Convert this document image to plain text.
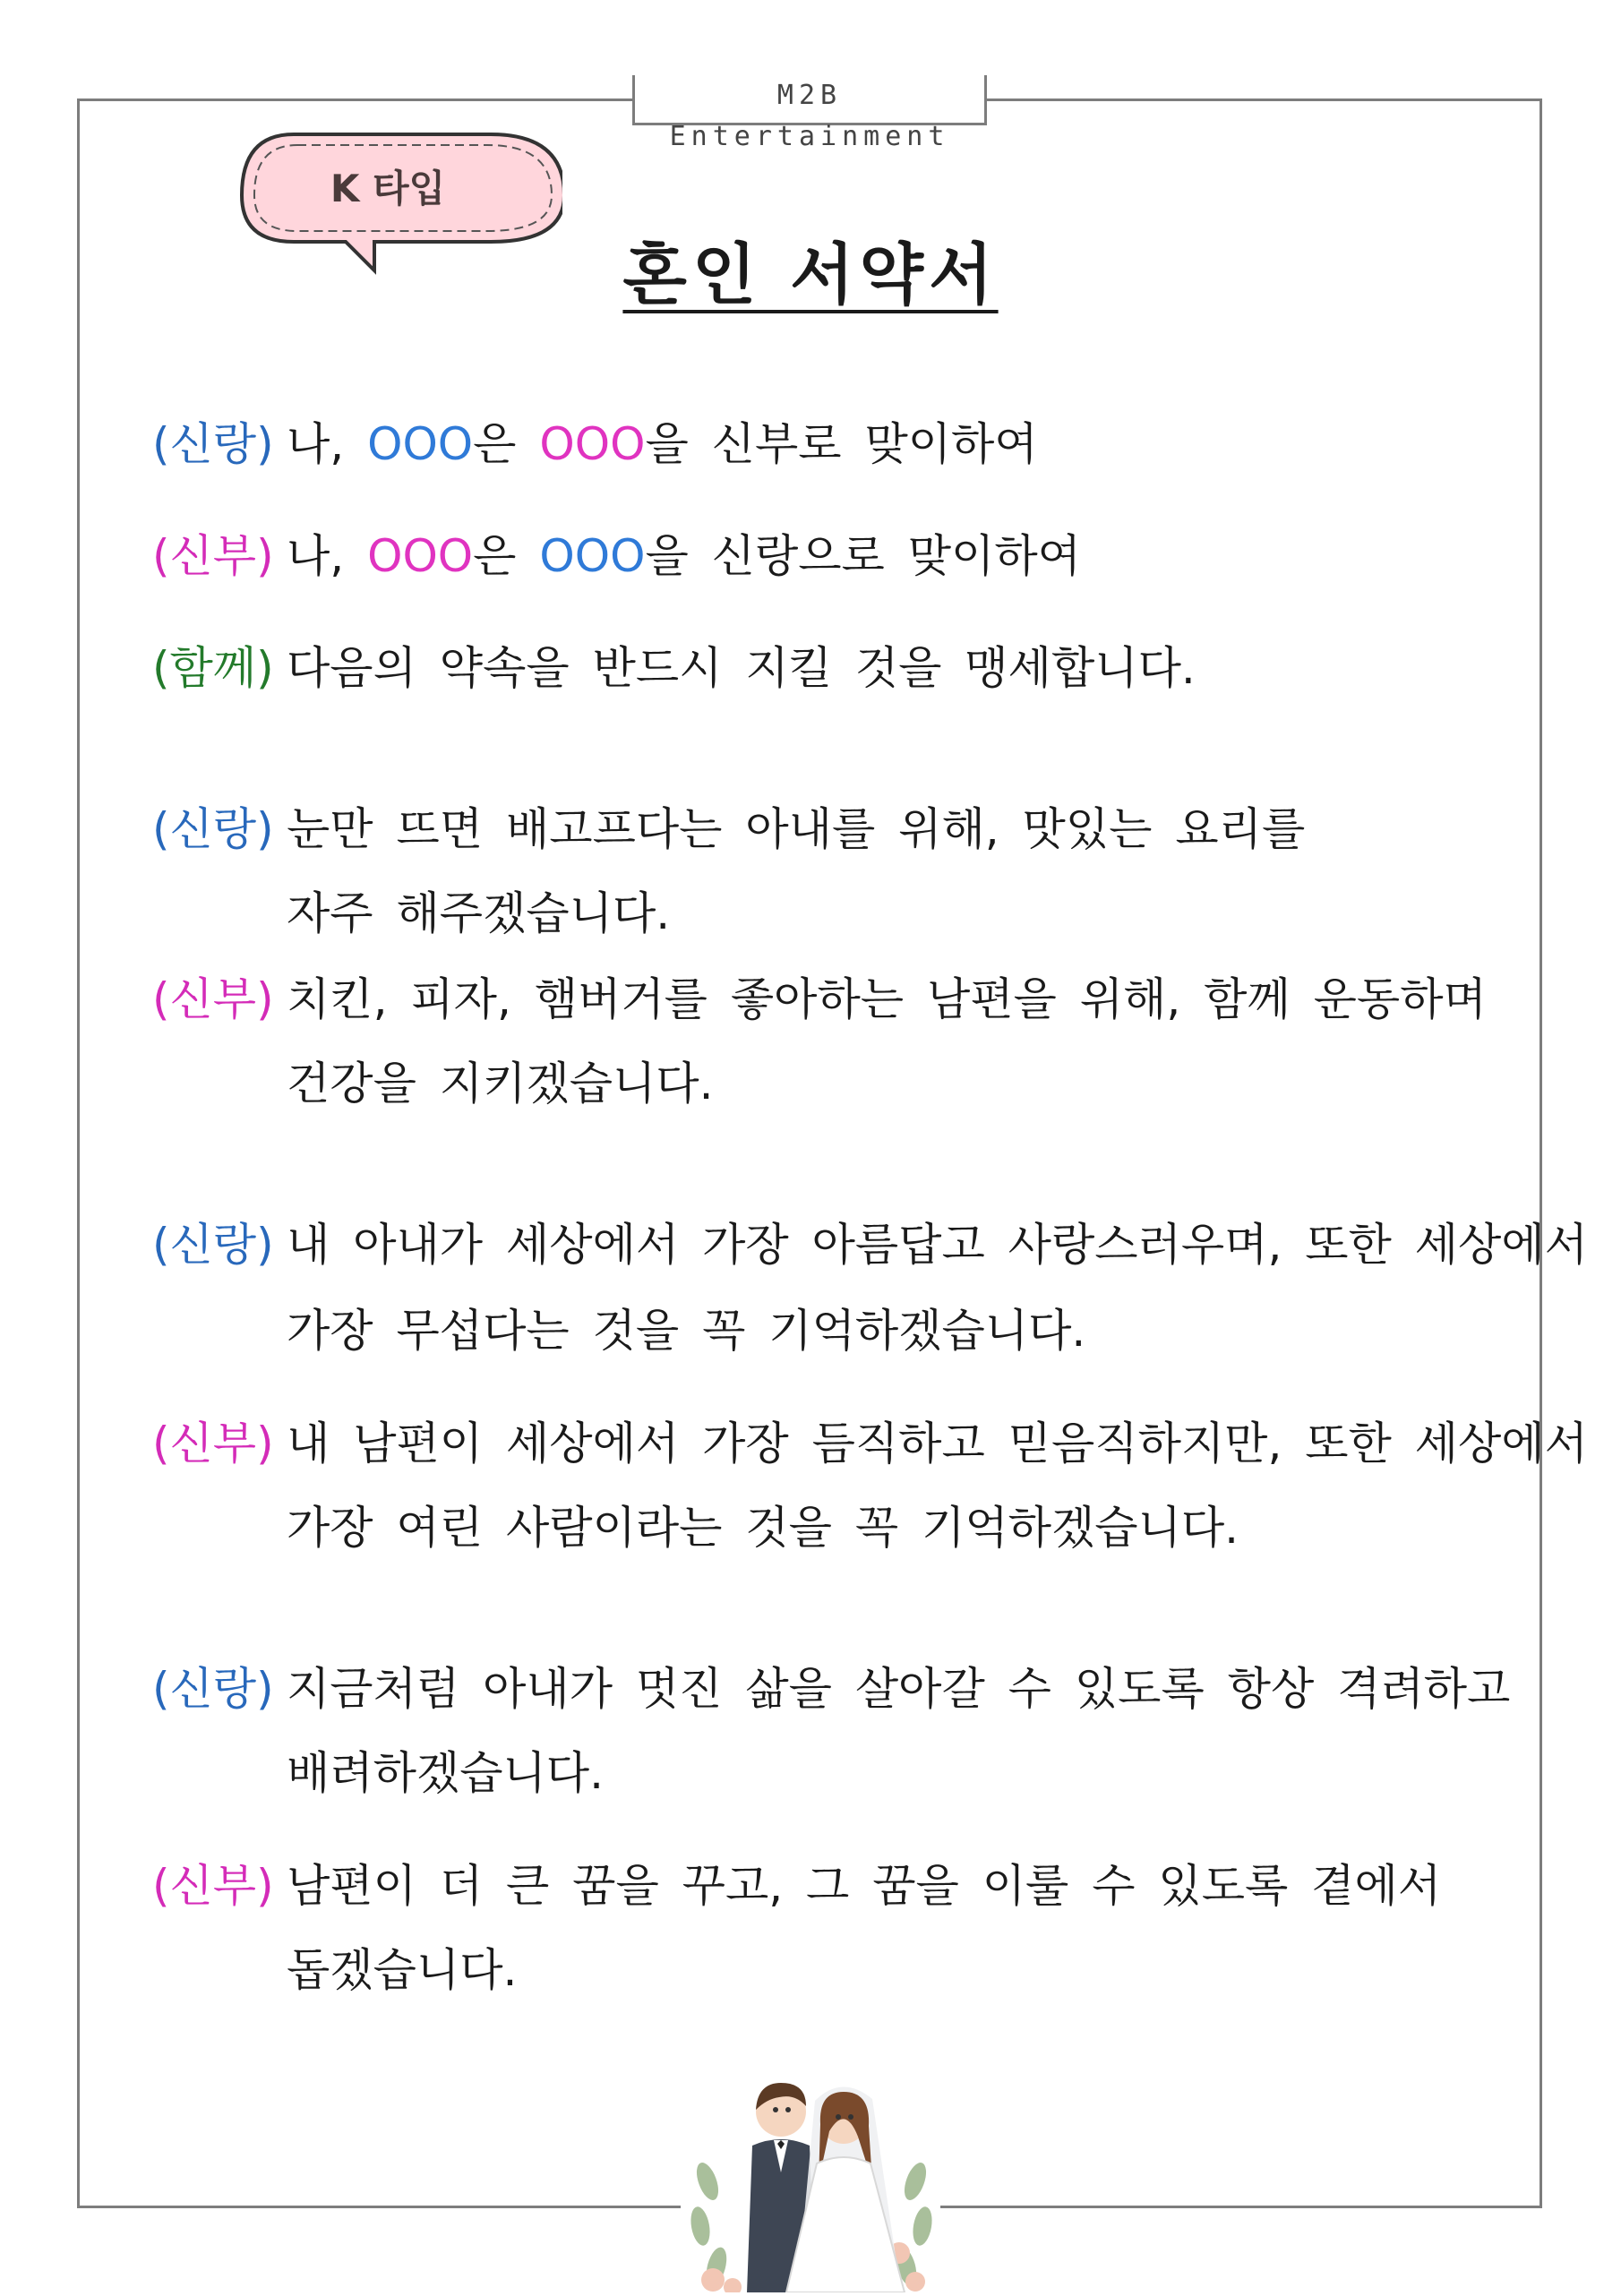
M2B Entertainment
K 타입
혼인 서약서
(신랑) 나, OOO은 OOO을 신부로 맞이하여
(신부) 나, OOO은 OOO을 신랑으로 맞이하여
(함께) 다음의 약속을 반드시 지킬 것을 맹세합니다.
(신랑) 눈만 뜨면 배고프다는 아내를 위해, 맛있는 요리를
자주 해주겠습니다.
(신부) 치킨, 피자, 햄버거를 좋아하는 남편을 위해, 함께 운동하며
건강을 지키겠습니다.
(신랑) 내 아내가 세상에서 가장 아름답고 사랑스러우며, 또한 세상에서
가장 무섭다는 것을 꼭 기억하겠습니다.
(신부) 내 남편이 세상에서 가장 듬직하고 믿음직하지만, 또한 세상에서
가장 여린 사람이라는 것을 꼭 기억하겠습니다.
(신랑) 지금처럼 아내가 멋진 삶을 살아갈 수 있도록 항상 격려하고
배려하겠습니다.
(신부) 남편이 더 큰 꿈을 꾸고, 그 꿈을 이룰 수 있도록 곁에서
돕겠습니다.
